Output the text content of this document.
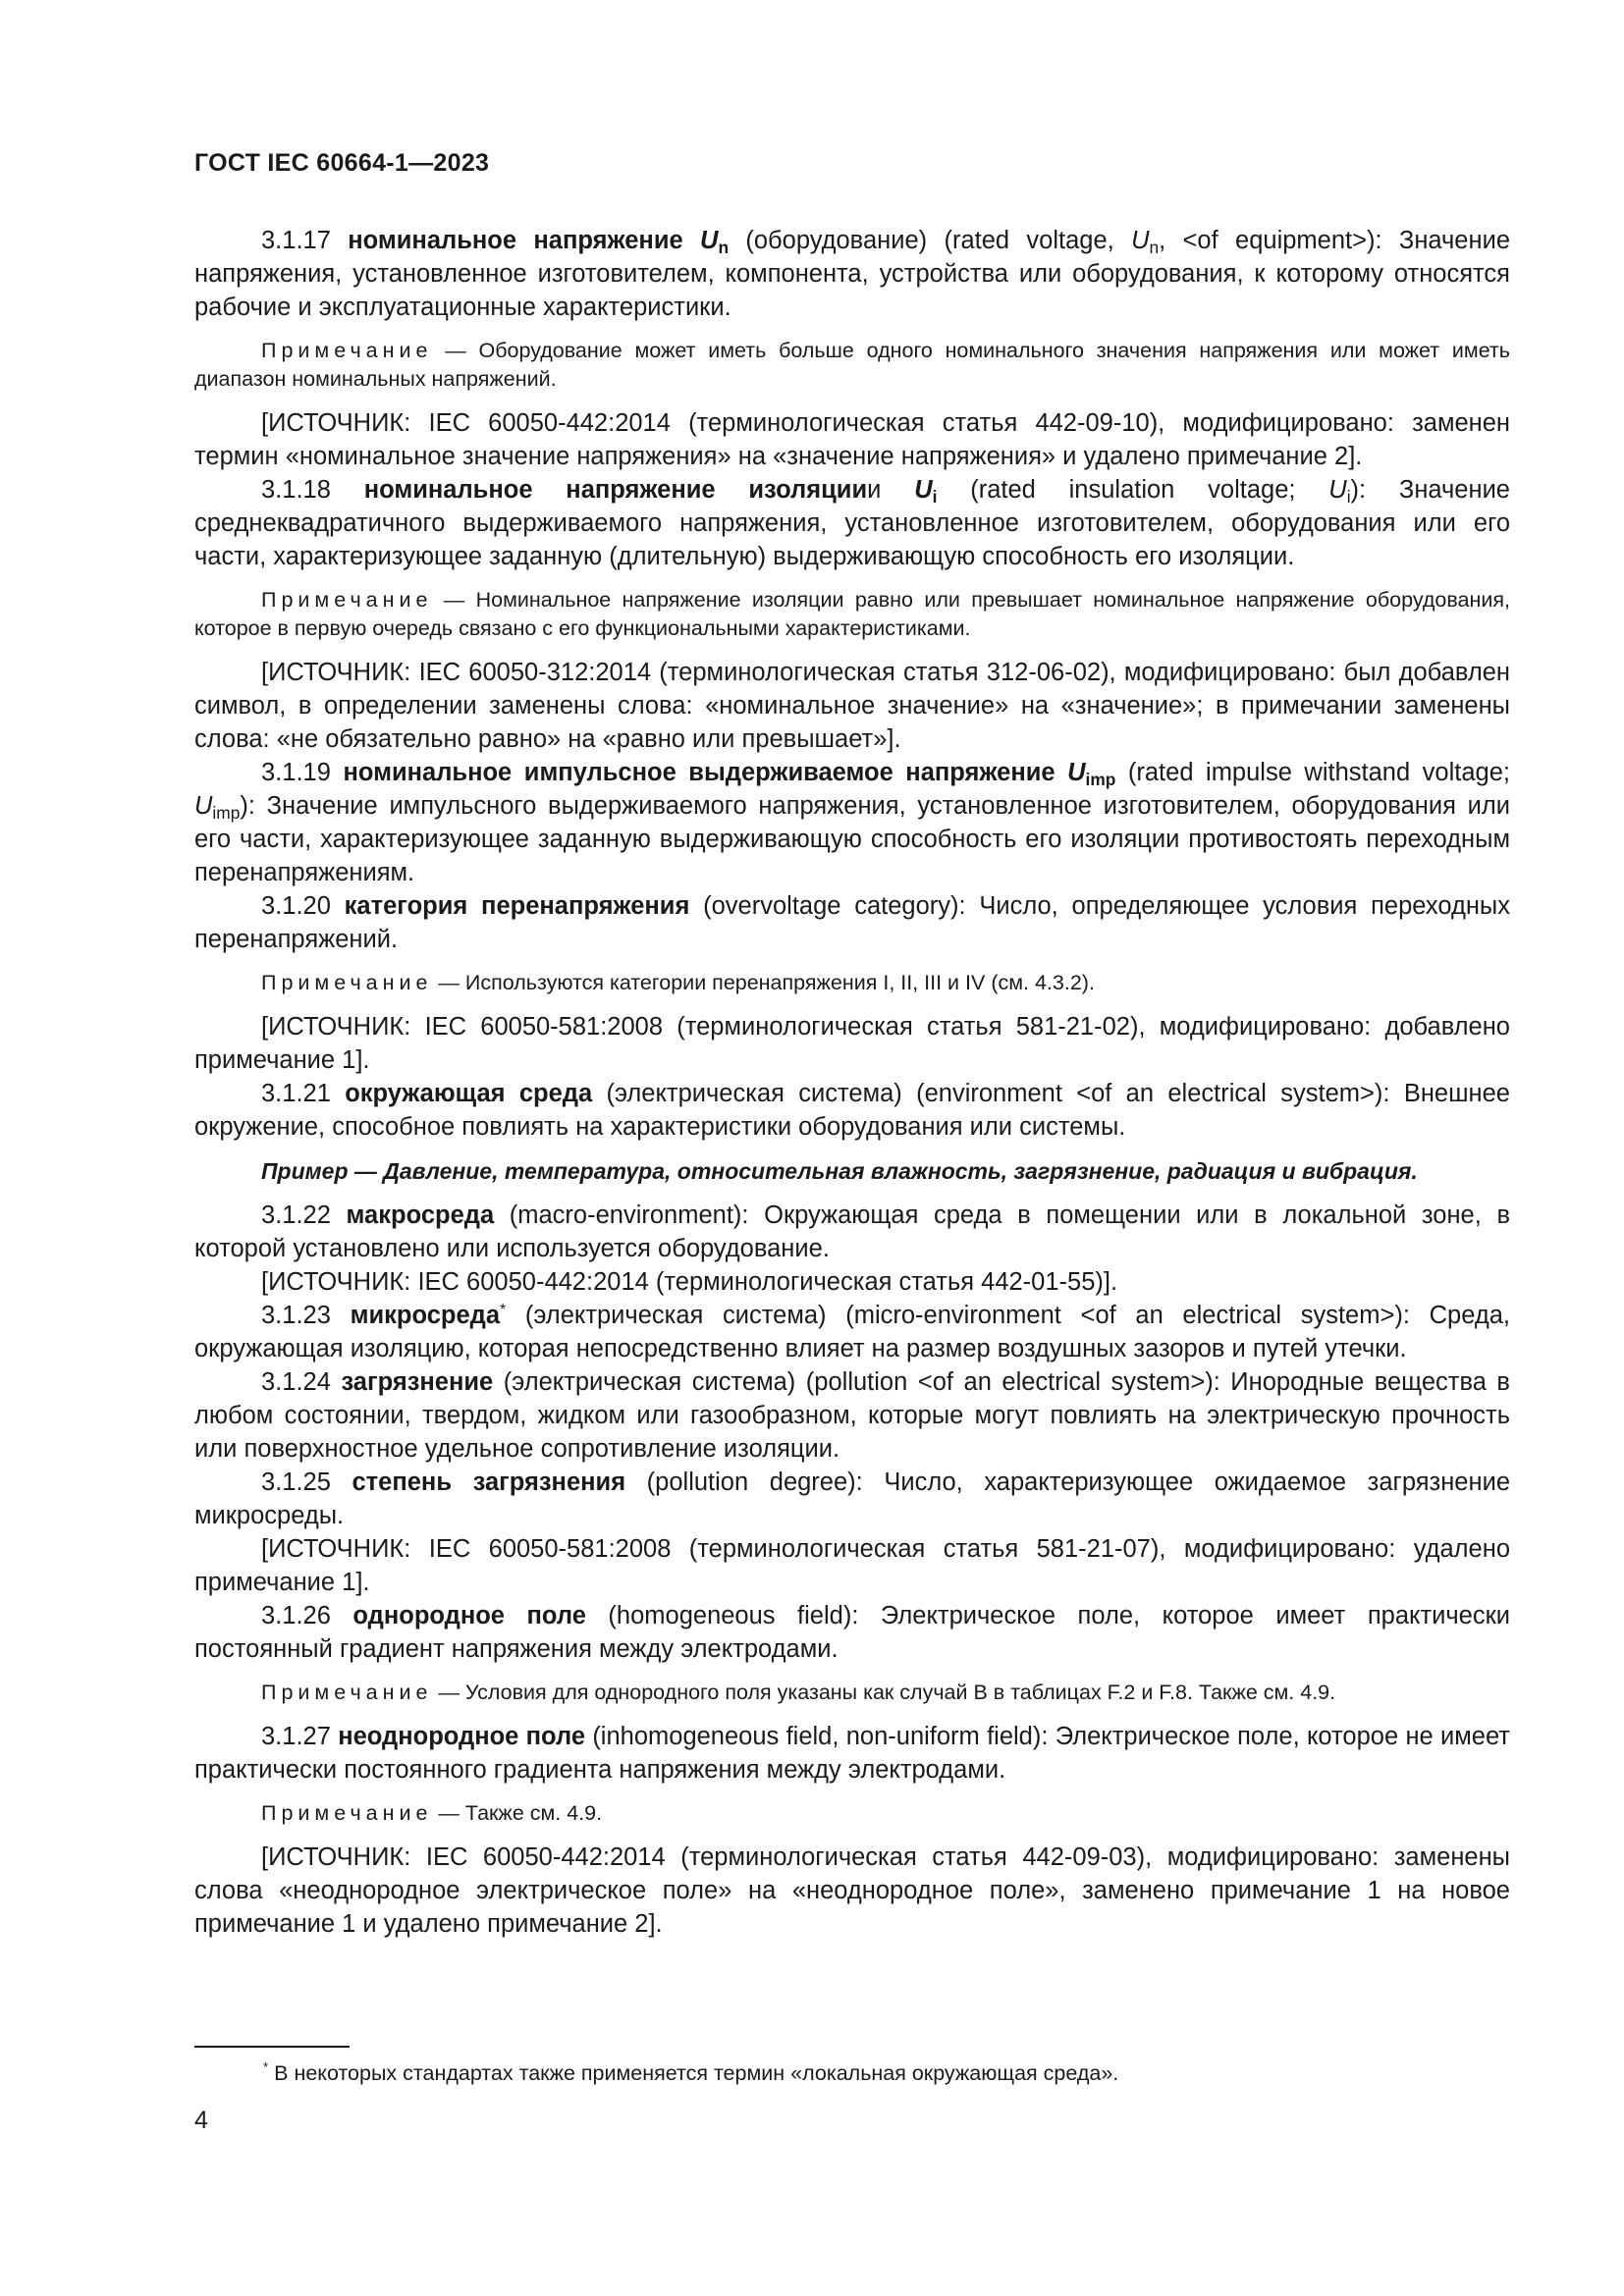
ГОСТ IEC 60664-1—2023

3.1.17 номинальное напряжение $U_n$ (оборудование) (rated voltage, $U_n$, <of equipment>): Значение напряжения, установленное изготовителем, компонента, устройства или оборудования, к которому относятся рабочие и эксплуатационные характеристики.

Примечание — Оборудование может иметь больше одного номинального значения напряжения или может иметь диапазон номинальных напряжений.

[ИСТОЧНИК: IEC 60050-442:2014 (терминологическая статья 442-09-10), модифицировано: заменен термин «номинальное значение напряжения» на «значение напряжения» и удалено примечание 2].

3.1.18 номинальное напряжение изоляциии $U_i$ (rated insulation voltage; $U_i$): Значение среднеквадратичного выдерживаемого напряжения, установленное изготовителем, оборудования или его части, характеризующее заданную (длительную) выдерживающую способность его изоляции.

Примечание — Номинальное напряжение изоляции равно или превышает номинальное напряжение оборудования, которое в первую очередь связано с его функциональными характеристиками.

[ИСТОЧНИК: IEC 60050-312:2014 (терминологическая статья 312-06-02), модифицировано: был добавлен символ, в определении заменены слова: «номинальное значение» на «значение»; в примечании заменены слова: «не обязательно равно» на «равно или превышает»].

3.1.19 номинальное импульсное выдерживаемое напряжение $U_{imp}$ (rated impulse withstand voltage; $U_{imp}$): Значение импульсного выдерживаемого напряжения, установленное изготовителем, оборудования или его части, характеризующее заданную выдерживающую способность его изоляции противостоять переходным перенапряжениям.

3.1.20 категория перенапряжения (overvoltage category): Число, определяющее условия переходных перенапряжений.

Примечание — Используются категории перенапряжения I, II, III и IV (см. 4.3.2).

[ИСТОЧНИК: IEC 60050-581:2008 (терминологическая статья 581-21-02), модифицировано: добавлено примечание 1].

3.1.21 окружающая среда (электрическая система) (environment <of an electrical system>): Внешнее окружение, способное повлиять на характеристики оборудования или системы.

Пример — Давление, температура, относительная влажность, загрязнение, радиация и вибрация.

3.1.22 макросреда (macro-environment): Окружающая среда в помещении или в локальной зоне, в которой установлено или используется оборудование.

[ИСТОЧНИК: IEC 60050-442:2014 (терминологическая статья 442-01-55)].

3.1.23 микросреда* (электрическая система) (micro-environment <of an electrical system>): Среда, окружающая изоляцию, которая непосредственно влияет на размер воздушных зазоров и путей утечки.

3.1.24 загрязнение (электрическая система) (pollution <of an electrical system>): Инородные вещества в любом состоянии, твердом, жидком или газообразном, которые могут повлиять на электрическую прочность или поверхностное удельное сопротивление изоляции.

3.1.25 степень загрязнения (pollution degree): Число, характеризующее ожидаемое загрязнение микросреды.

[ИСТОЧНИК: IEC 60050-581:2008 (терминологическая статья 581-21-07), модифицировано: удалено примечание 1].

3.1.26 однородное поле (homogeneous field): Электрическое поле, которое имеет практически постоянный градиент напряжения между электродами.

Примечание — Условия для однородного поля указаны как случай B в таблицах F.2 и F.8. Также см. 4.9.

3.1.27 неоднородное поле (inhomogeneous field, non-uniform field): Электрическое поле, которое не имеет практически постоянного градиента напряжения между электродами.

Примечание — Также см. 4.9.

[ИСТОЧНИК: IEC 60050-442:2014 (терминологическая статья 442-09-03), модифицировано: заменены слова «неоднородное электрическое поле» на «неоднородное поле», заменено примечание 1 на новое примечание 1 и удалено примечание 2].

* В некоторых стандартах также применяется термин «локальная окружающая среда».
4
